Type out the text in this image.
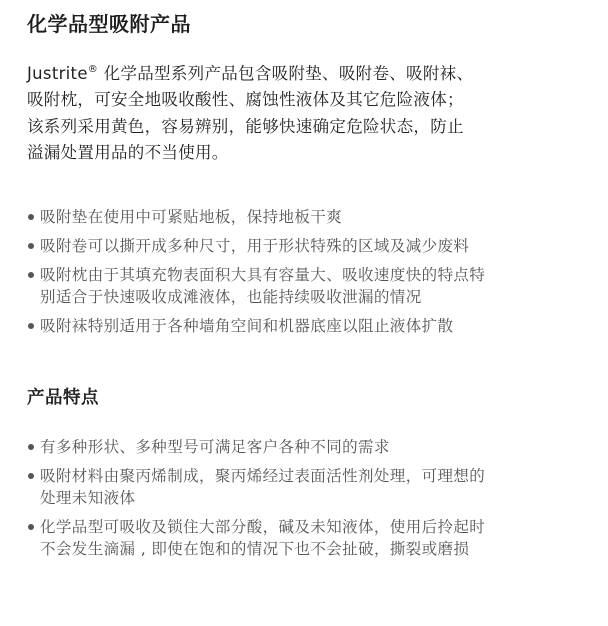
化学品型吸附产品

Justrite® 化学品型系列产品包含吸附垫、吸附卷、吸附袜、
吸附枕，可安全地吸收酸性、腐蚀性液体及其它危险液体；
该系列采用黄色，容易辨别，能够快速确定危险状态，防止
溢漏处置用品的不当使用。

吸附垫在使用中可紧贴地板，保持地板干爽
吸附卷可以撕开成多种尺寸，用于形状特殊的区域及减少废料
吸附枕由于其填充物表面积大具有容量大、吸收速度快的特点特
别适合于快速吸收成滩液体，也能持续吸收泄漏的情况
吸附袜特别适用于各种墙角空间和机器底座以阻止液体扩散
产品特点
有多种形状、多种型号可满足客户各种不同的需求
吸附材料由聚丙烯制成，聚丙烯经过表面活性剂处理，可理想的
处理未知液体
化学品型可吸收及锁住大部分酸，碱及未知液体，使用后拎起时
不会发生滴漏 , 即使在饱和的情况下也不会扯破，撕裂或磨损
